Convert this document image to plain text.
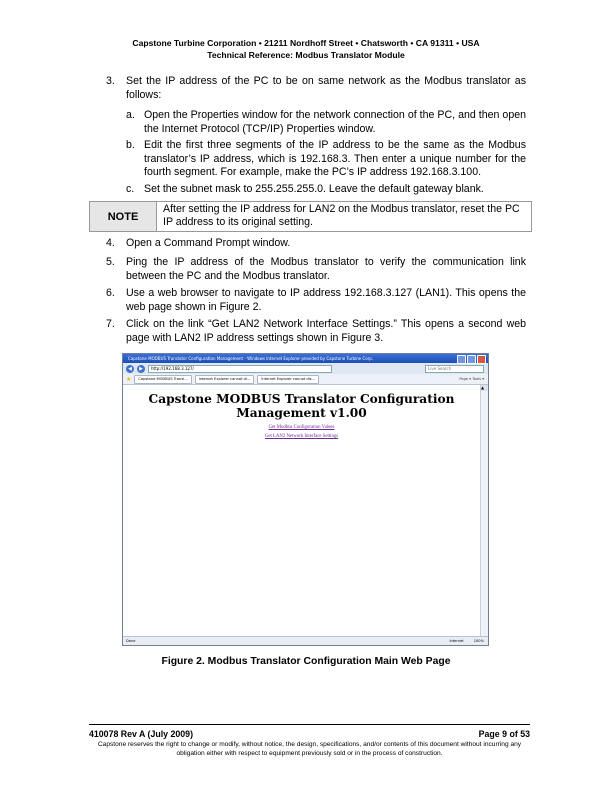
Capstone Turbine Corporation • 21211 Nordhoff Street • Chatsworth • CA 91311 • USA
Technical Reference: Modbus Translator Module
3. Set the IP address of the PC to be on same network as the Modbus translator as follows:
a. Open the Properties window for the network connection of the PC, and then open the Internet Protocol (TCP/IP) Properties window.
b. Edit the first three segments of the IP address to be the same as the Modbus translator’s IP address, which is 192.168.3. Then enter a unique number for the fourth segment. For example, make the PC’s IP address 192.168.3.100.
c. Set the subnet mask to 255.255.255.0. Leave the default gateway blank.
NOTE
After setting the IP address for LAN2 on the Modbus translator, reset the PC IP address to its original setting.
4. Open a Command Prompt window.
5. Ping the IP address of the Modbus translator to verify the communication link between the PC and the Modbus translator.
6. Use a web browser to navigate to IP address 192.168.3.127 (LAN1). This opens the web page shown in Figure 2.
7. Click on the link “Get LAN2 Network Interface Settings.” This opens a second web page with LAN2 IP address settings shown in Figure 3.
Capstone MODBUS Translator Configuration Management - Windows Internet Explorer provided by Capstone Turbine Corp.
◀	▶	http://192.168.3.127/	Live Search
★	Capstone MODBUS Transl...	Internet Explorer cannot di...	Internet Explorer cannot dis...	Page ▾ Tools ▾
Capstone MODBUS Translator Configuration Management v1.00
Get Modbus Configuration Values
Get LAN2 Network Interface Settings
▲
Done	Internet	100%
Figure 2. Modbus Translator Configuration Main Web Page
410078 Rev A (July 2009)	Page 9 of 53
Capstone reserves the right to change or modify, without notice, the design, specifications, and/or contents of this document without incurring any obligation either with respect to equipment previously sold or in the process of construction.
